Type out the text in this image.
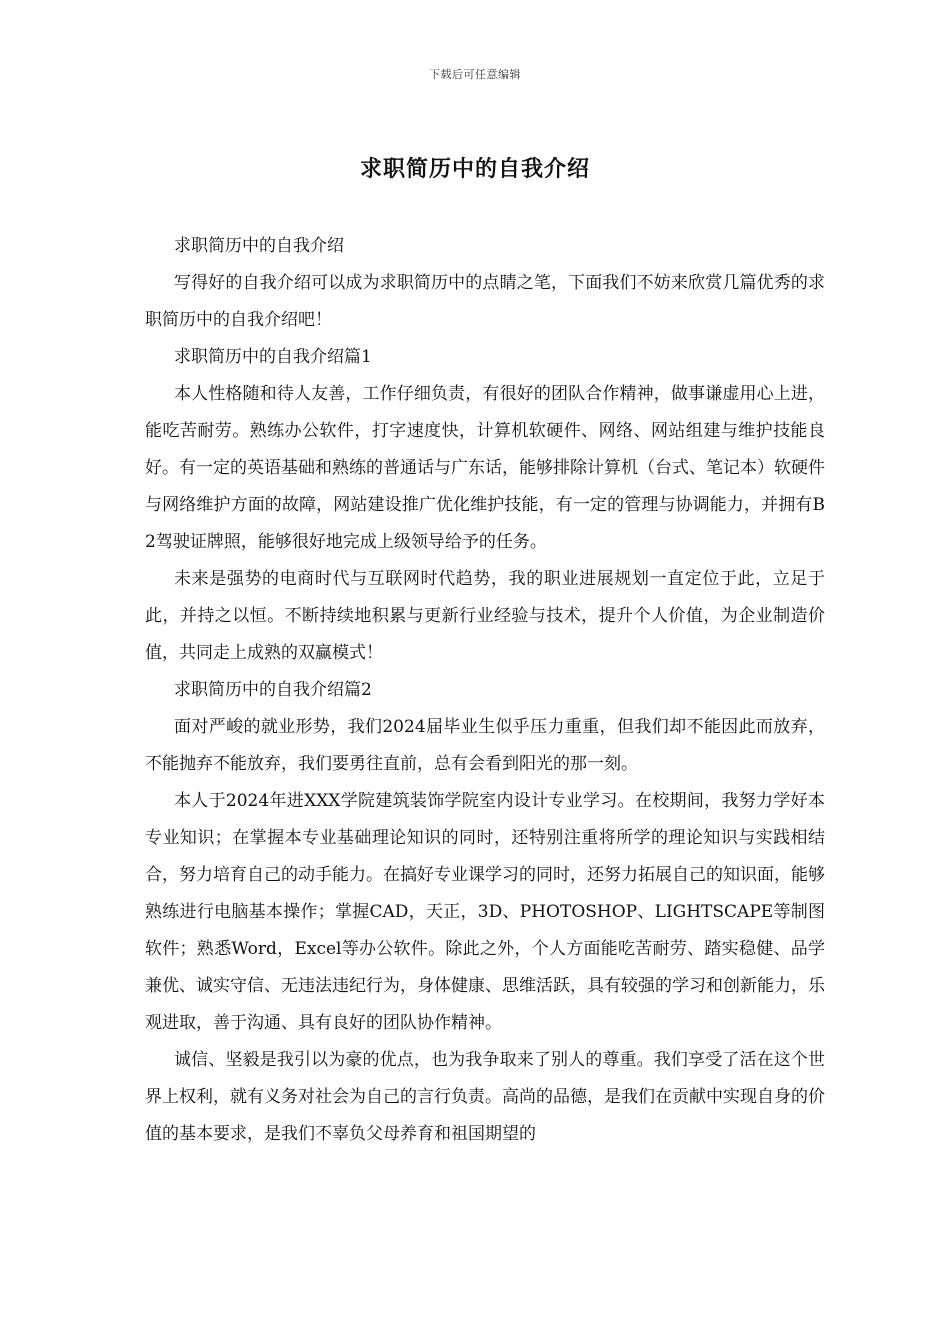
下载后可任意编辑
求职简历中的自我介绍

求职简历中的自我介绍

写得好的自我介绍可以成为求职简历中的点睛之笔，下面我们不妨来欣赏几篇优秀的求职简历中的自我介绍吧！

求职简历中的自我介绍篇1

本人性格随和待人友善，工作仔细负责，有很好的团队合作精神，做事谦虚用心上进，能吃苦耐劳。熟练办公软件，打字速度快，计算机软硬件、网络、网站组建与维护技能良好。有一定的英语基础和熟练的普通话与广东话，能够排除计算机（台式、笔记本）软硬件与网络维护方面的故障，网站建设推广优化维护技能，有一定的管理与协调能力，并拥有B2驾驶证牌照，能够很好地完成上级领导给予的任务。

未来是强势的电商时代与互联网时代趋势，我的职业进展规划一直定位于此，立足于此，并持之以恒。不断持续地积累与更新行业经验与技术，提升个人价值，为企业制造价值，共同走上成熟的双赢模式！

求职简历中的自我介绍篇2

面对严峻的就业形势，我们2024届毕业生似乎压力重重，但我们却不能因此而放弃，不能抛弃不能放弃，我们要勇往直前，总有会看到阳光的那一刻。

本人于2024年进XXX学院建筑装饰学院室内设计专业学习。在校期间，我努力学好本专业知识；在掌握本专业基础理论知识的同时，还特别注重将所学的理论知识与实践相结合，努力培育自己的动手能力。在搞好专业课学习的同时，还努力拓展自己的知识面，能够熟练进行电脑基本操作；掌握CAD，天正，3D、PHOTOSHOP、LIGHTSCAPE等制图软件；熟悉Word，Excel等办公软件。除此之外，个人方面能吃苦耐劳、踏实稳健、品学兼优、诚实守信、无违法违纪行为，身体健康、思维活跃，具有较强的学习和创新能力，乐观进取，善于沟通、具有良好的团队协作精神。

诚信、坚毅是我引以为豪的优点，也为我争取来了别人的尊重。我们享受了活在这个世界上权利，就有义务对社会为自己的言行负责。高尚的品德，是我们在贡献中实现自身的价值的基本要求，是我们不辜负父母养育和祖国期望的
